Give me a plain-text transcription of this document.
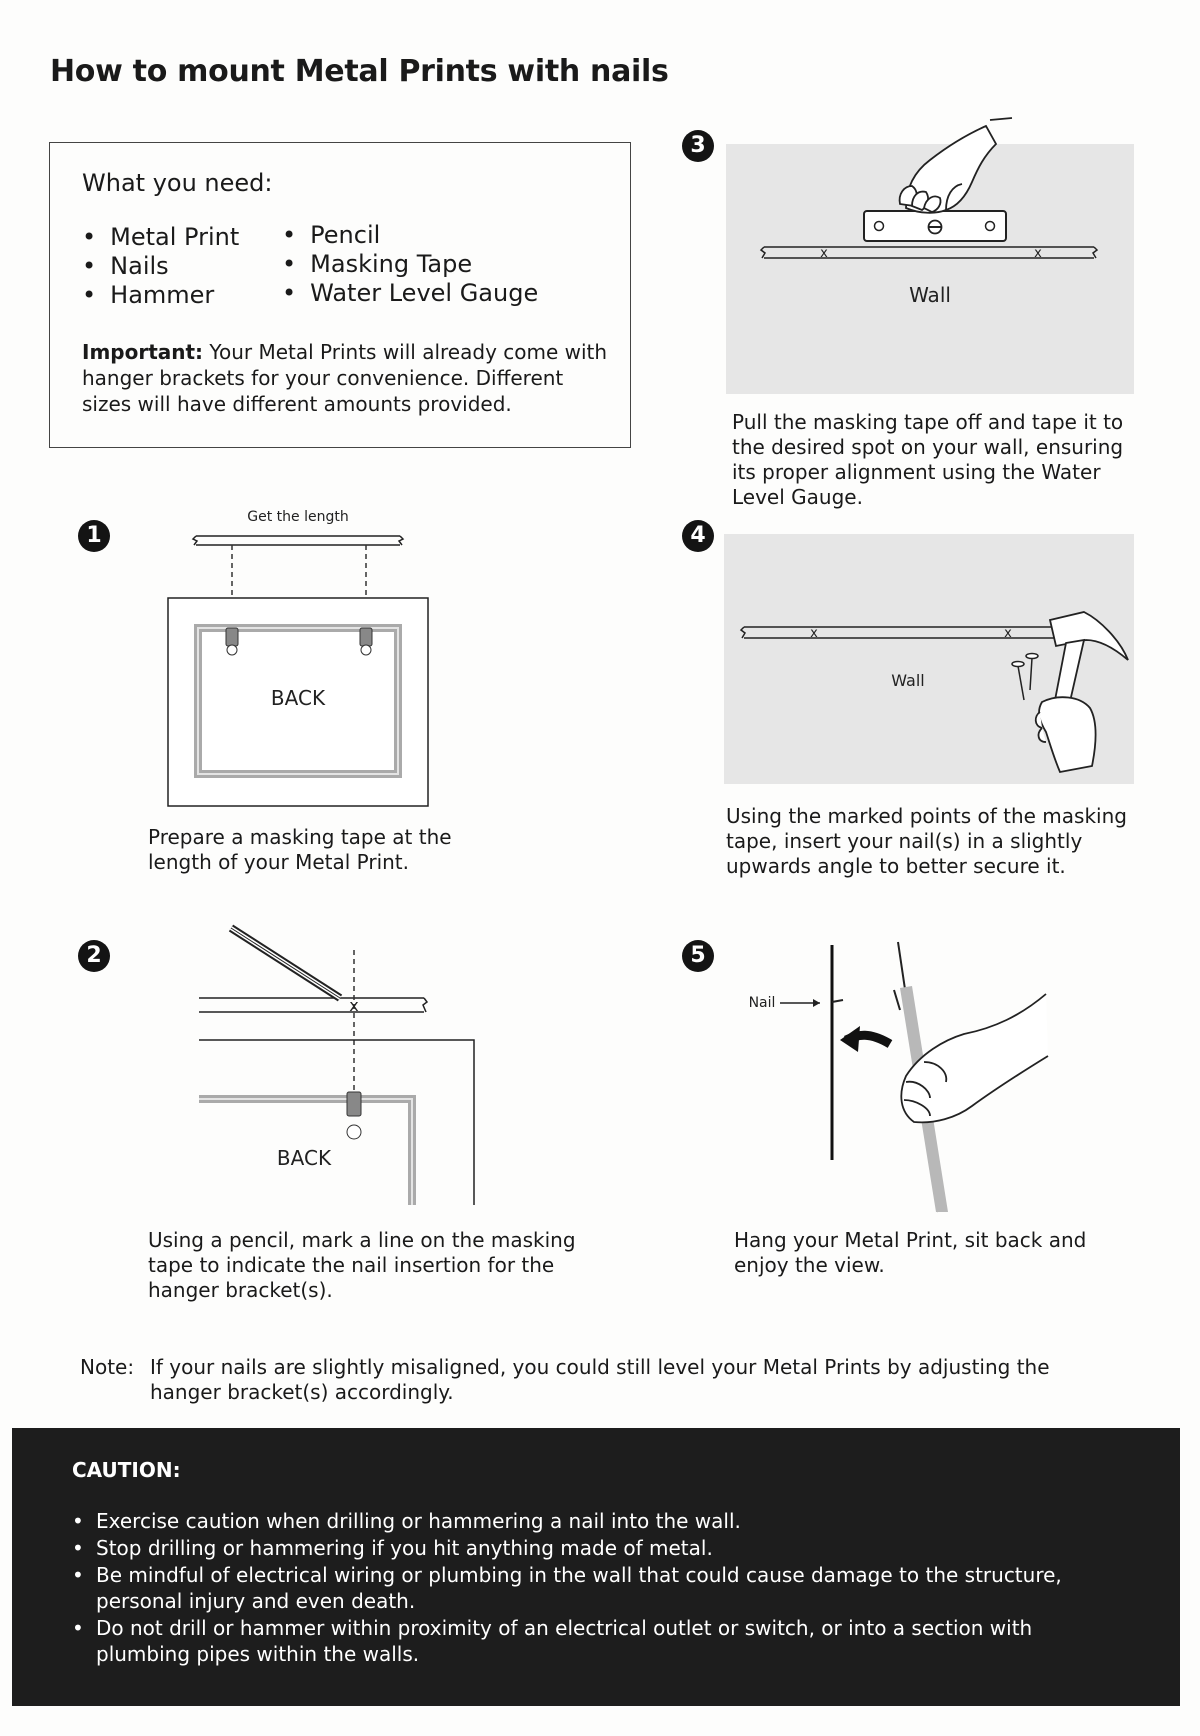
How to mount Metal Prints with nails
What you need:
• Metal Print
• Nails
• Hammer
• Pencil
• Masking Tape
• Water Level Gauge
Important: Your Metal Prints will already come with hanger brackets for your convenience. Different sizes will have different amounts provided.
1
Get the length
BACK
Prepare a masking tape at the length of your Metal Print.
2
x
BACK
Using a pencil, mark a line on the masking tape to indicate the nail insertion for the hanger bracket(s).
3
x	x
Wall
Pull the masking tape off and tape it to the desired spot on your wall, ensuring its proper alignment using the Water Level Gauge.
4
x	x
Wall
Using the marked points of the masking tape, insert your nail(s) in a slightly upwards angle to better secure it.
5
Nail
Hang your Metal Print, sit back and enjoy the view.
Note: If your nails are slightly misaligned, you could still level your Metal Prints by adjusting the hanger bracket(s) accordingly.
CAUTION:
• Exercise caution when drilling or hammering a nail into the wall.
• Stop drilling or hammering if you hit anything made of metal.
• Be mindful of electrical wiring or plumbing in the wall that could cause damage to the structure, personal injury and even death.
• Do not drill or hammer within proximity of an electrical outlet or switch, or into a section with plumbing pipes within the walls.
